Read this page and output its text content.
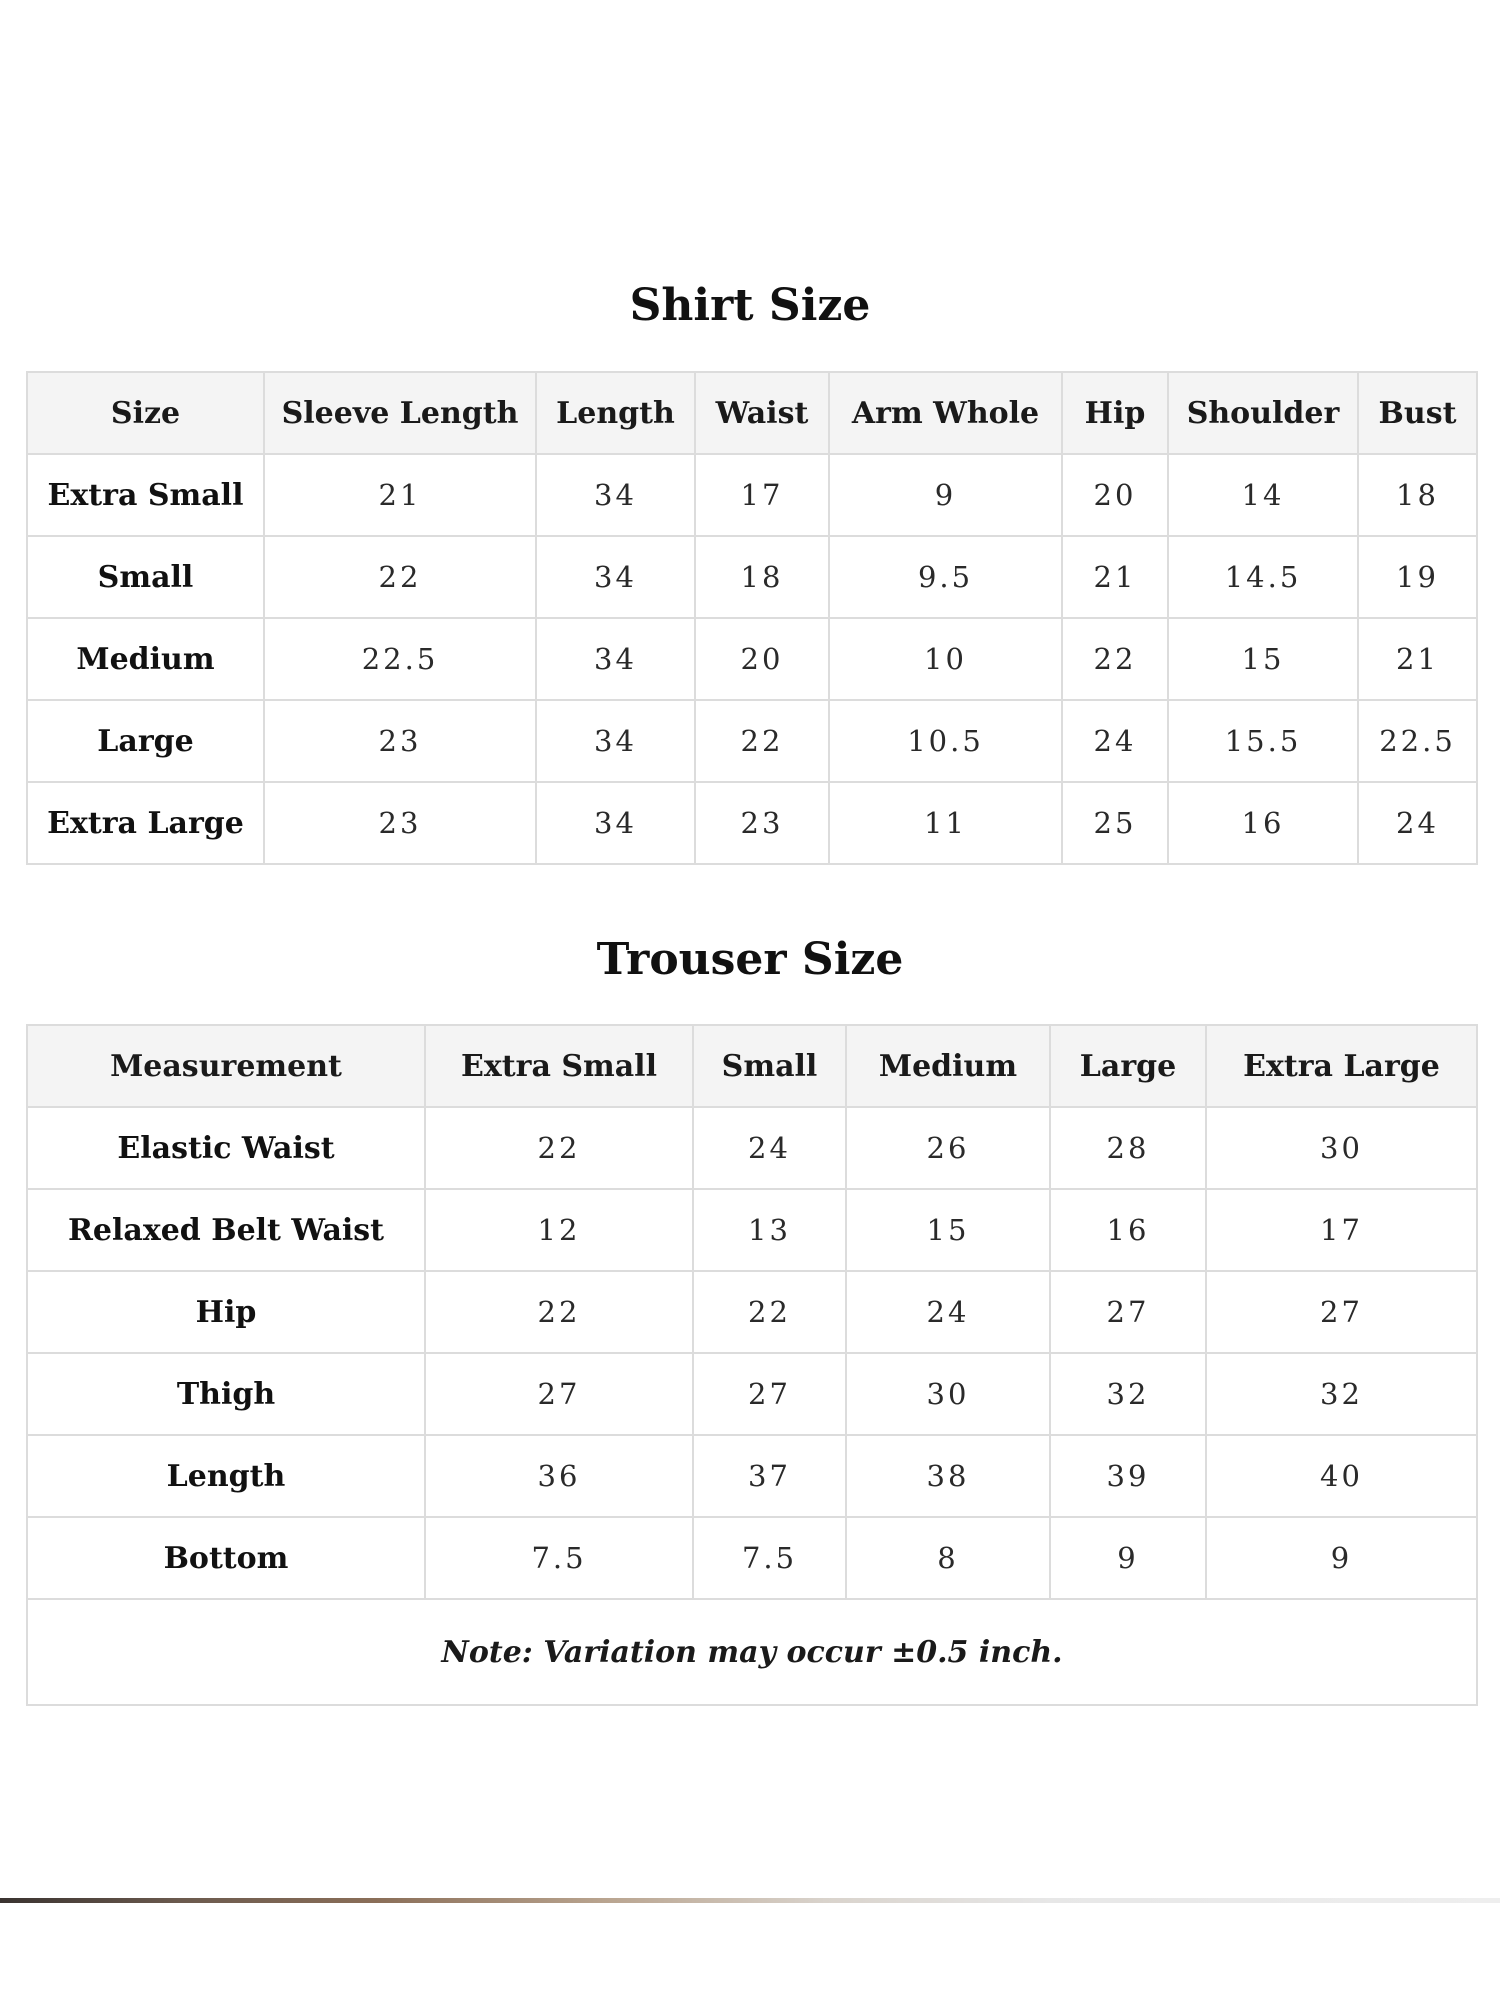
Shirt Size
Size	Sleeve Length	Length	Waist	Arm Whole	Hip	Shoulder	Bust
Extra Small	21	34	17	9	20	14	18
Small	22	34	18	9.5	21	14.5	19
Medium	22.5	34	20	10	22	15	21
Large	23	34	22	10.5	24	15.5	22.5
Extra Large	23	34	23	11	25	16	24
Trouser Size
Measurement	Extra Small	Small	Medium	Large	Extra Large
Elastic Waist	22	24	26	28	30
Relaxed Belt Waist	12	13	15	16	17
Hip	22	22	24	27	27
Thigh	27	27	30	32	32
Length	36	37	38	39	40
Bottom	7.5	7.5	8	9	9
Note: Variation may occur ±0.5 inch.					
